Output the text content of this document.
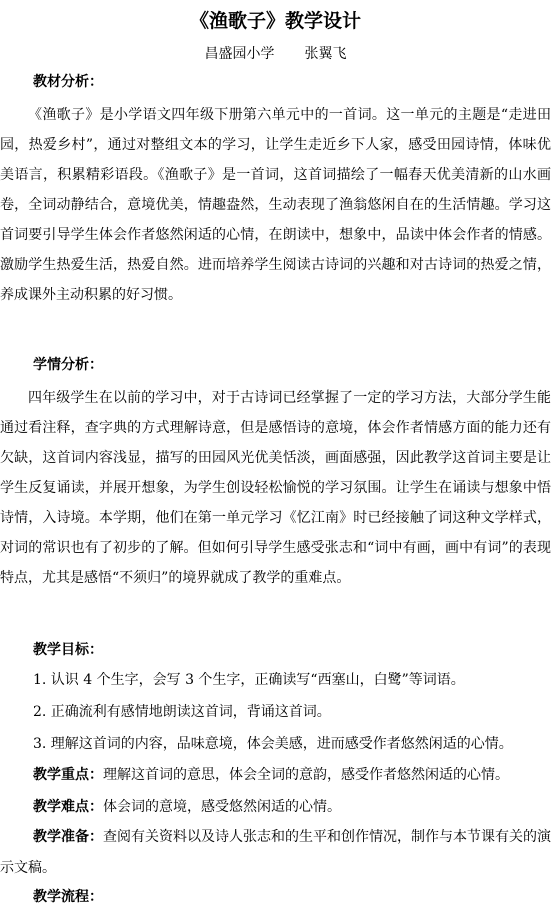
《渔歌子》教学设计
昌盛园小学 张翼飞
教材分析：
《渔歌子》是小学语文四年级下册第六单元中的一首词。这一单元的主题是“走进田园，热爱乡村”，通过对整组文本的学习，让学生走近乡下人家，感受田园诗情，体味优美语言，积累精彩语段。《渔歌子》是一首词，这首词描绘了一幅春天优美清新的山水画卷，全词动静结合，意境优美，情趣盎然，生动表现了渔翁悠闲自在的生活情趣。学习这首词要引导学生体会作者悠然闲适的心情，在朗读中，想象中，品读中体会作者的情感。激励学生热爱生活，热爱自然。进而培养学生阅读古诗词的兴趣和对古诗词的热爱之情，养成课外主动积累的好习惯。
学情分析：
四年级学生在以前的学习中，对于古诗词已经掌握了一定的学习方法，大部分学生能通过看注释，查字典的方式理解诗意，但是感悟诗的意境，体会作者情感方面的能力还有欠缺，这首词内容浅显，描写的田园风光优美恬淡，画面感强，因此教学这首词主要是让学生反复诵读，并展开想象，为学生创设轻松愉悦的学习氛围。让学生在诵读与想象中悟诗情，入诗境。本学期，他们在第一单元学习《忆江南》时已经接触了词这种文学样式，对词的常识也有了初步的了解。但如何引导学生感受张志和“词中有画，画中有词”的表现特点，尤其是感悟“不须归”的境界就成了教学的重难点。
教学目标：
1. 认识 4 个生字，会写 3 个生字，正确读写“西塞山，白鹭”等词语。
2. 正确流利有感情地朗读这首词，背诵这首词。
3. 理解这首词的内容，品味意境，体会美感，进而感受作者悠然闲适的心情。
教学重点：理解这首词的意思，体会全词的意韵，感受作者悠然闲适的心情。
教学难点：体会词的意境，感受悠然闲适的心情。
教学准备：查阅有关资料以及诗人张志和的生平和创作情况，制作与本节课有关的演示文稿。
教学流程：
